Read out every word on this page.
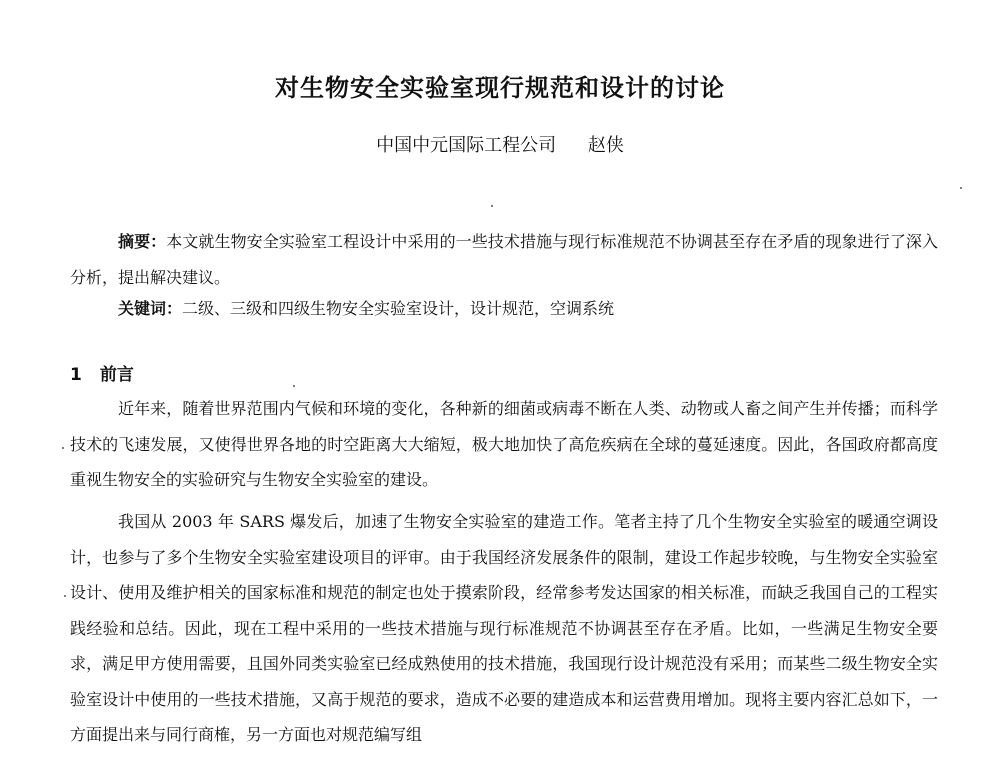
对生物安全实验室现行规范和设计的讨论
中国中元国际工程公司 赵侠
摘要：本文就生物安全实验室工程设计中采用的一些技术措施与现行标准规范不协调甚至存在矛盾的现象进行了深入分析，提出解决建议。
关键词：二级、三级和四级生物安全实验室设计，设计规范，空调系统
1 前言
近年来，随着世界范围内气候和环境的变化，各种新的细菌或病毒不断在人类、动物或人畜之间产生并传播；而科学技术的飞速发展，又使得世界各地的时空距离大大缩短，极大地加快了高危疾病在全球的蔓延速度。因此，各国政府都高度重视生物安全的实验研究与生物安全实验室的建设。
我国从 2003 年 SARS 爆发后，加速了生物安全实验室的建造工作。笔者主持了几个生物安全实验室的暖通空调设计，也参与了多个生物安全实验室建设项目的评审。由于我国经济发展条件的限制，建设工作起步较晚，与生物安全实验室设计、使用及维护相关的国家标准和规范的制定也处于摸索阶段，经常参考发达国家的相关标准，而缺乏我国自己的工程实践经验和总结。因此，现在工程中采用的一些技术措施与现行标准规范不协调甚至存在矛盾。比如，一些满足生物安全要求，满足甲方使用需要，且国外同类实验室已经成熟使用的技术措施，我国现行设计规范没有采用；而某些二级生物安全实验室设计中使用的一些技术措施，又高于规范的要求，造成不必要的建造成本和运营费用增加。现将主要内容汇总如下，一方面提出来与同行商榷，另一方面也对规范编写组
